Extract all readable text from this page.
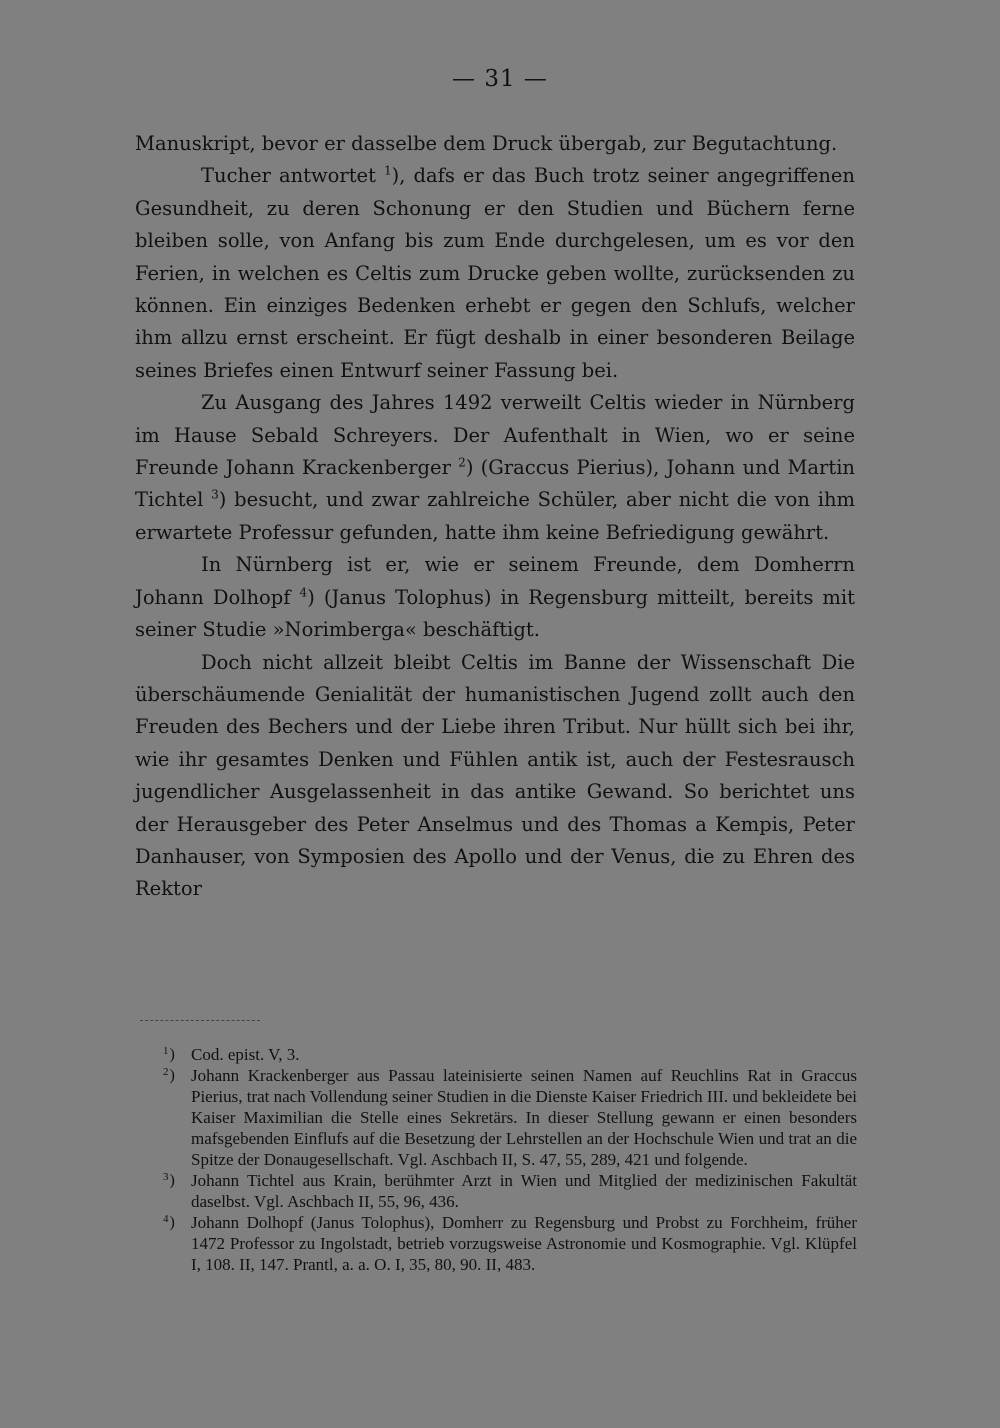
— 31 —

Manuskript, bevor er dasselbe dem Druck übergab, zur Begutachtung.

Tucher antwortet $^1$), dafs er das Buch trotz seiner angegriffenen Gesundheit, zu deren Schonung er den Studien und Büchern ferne bleiben solle, von Anfang bis zum Ende durchgelesen, um es vor den Ferien, in welchen es Celtis zum Drucke geben wollte, zurücksenden zu können. Ein einziges Bedenken erhebt er gegen den Schlufs, welcher ihm allzu ernst erscheint. Er fügt deshalb in einer besonderen Beilage seines Briefes einen Entwurf seiner Fassung bei.

Zu Ausgang des Jahres 1492 verweilt Celtis wieder in Nürnberg im Hause Sebald Schreyers. Der Aufenthalt in Wien, wo er seine Freunde Johann Krackenberger $^2$) (Graccus Pierius), Johann und Martin Tichtel $^3$) besucht, und zwar zahlreiche Schüler, aber nicht die von ihm erwartete Professur gefunden, hatte ihm keine Befriedigung gewährt.

In Nürnberg ist er, wie er seinem Freunde, dem Domherrn Johann Dolhopf $^4$) (Janus Tolophus) in Regensburg mitteilt, bereits mit seiner Studie »Norimberga« beschäftigt.

Doch nicht allzeit bleibt Celtis im Banne der Wissenschaft Die überschäumende Genialität der humanistischen Jugend zollt auch den Freuden des Bechers und der Liebe ihren Tribut. Nur hüllt sich bei ihr, wie ihr gesamtes Denken und Fühlen antik ist, auch der Festesrausch jugendlicher Ausgelassenheit in das antike Gewand. So berichtet uns der Herausgeber des Peter Anselmus und des Thomas a Kempis, Peter Danhauser, von Symposien des Apollo und der Venus, die zu Ehren des Rektor

1 )	Cod. epist. V, 3.

2 )	Johann Krackenberger aus Passau lateinisierte seinen Namen auf Reuchlins Rat in Graccus Pierius, trat nach Vollendung seiner Studien in die Dienste Kaiser Friedrich III. und bekleidete bei Kaiser Maximilian die Stelle eines Sekretärs. In dieser Stellung gewann er einen besonders mafsgebenden Einflufs auf die Besetzung der Lehrstellen an der Hochschule Wien und trat an die Spitze der Donaugesellschaft. Vgl. Aschbach II, S. 47, 55, 289, 421 und folgende.

3 )	Johann Tichtel aus Krain, berühmter Arzt in Wien und Mitglied der medizinischen Fakultät daselbst. Vgl. Aschbach II, 55, 96, 436.

4 )	Johann Dolhopf (Janus Tolophus), Domherr zu Regensburg und Probst zu Forchheim, früher 1472 Professor zu Ingolstadt, betrieb vorzugsweise Astronomie und Kosmographie. Vgl. Klüpfel I, 108. II, 147. Prantl, a. a. O. I, 35, 80, 90. II, 483.
